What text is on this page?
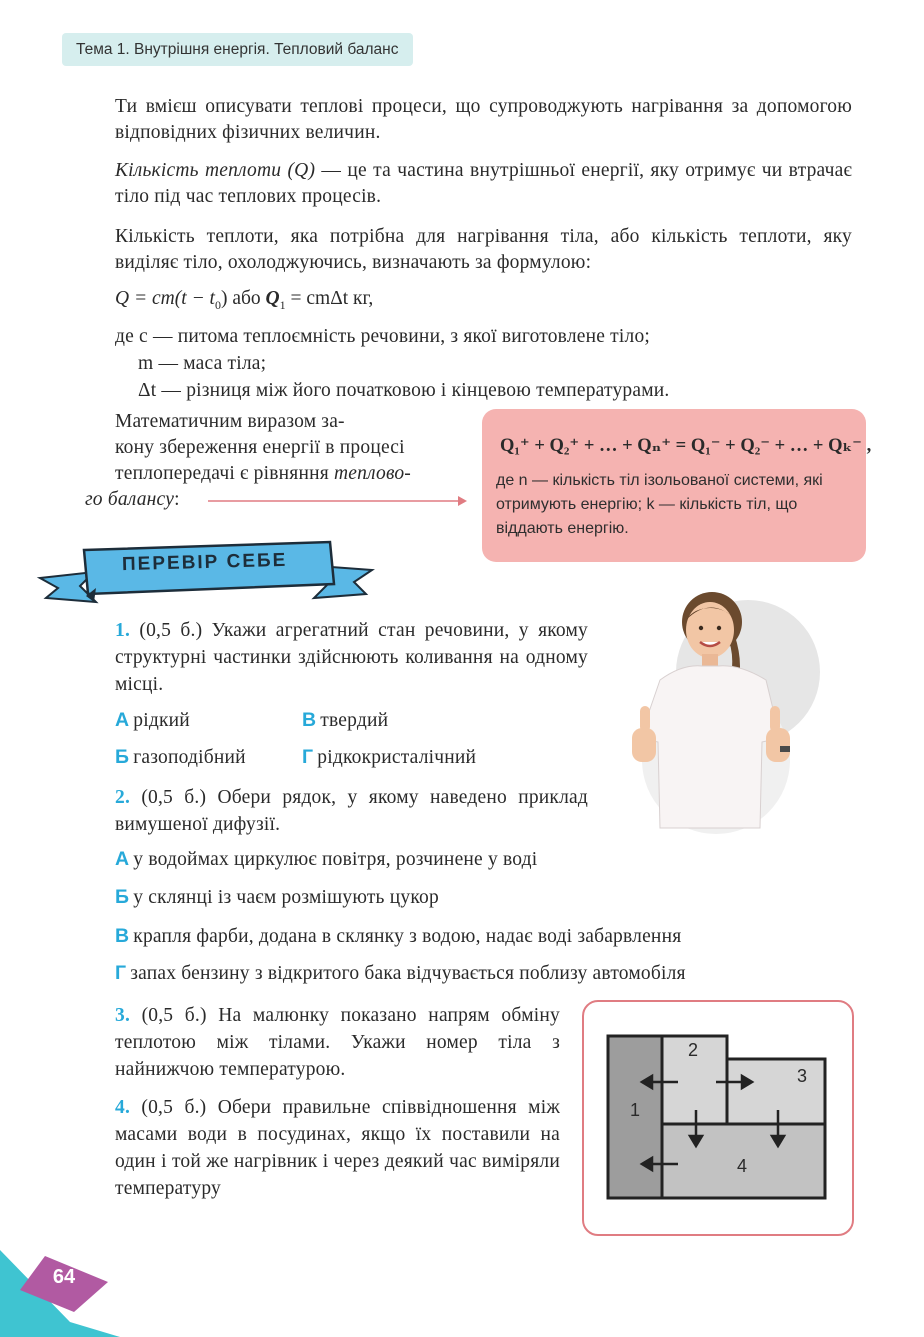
Тема 1. Внутрішня енергія. Тепловий баланс
Ти вмієш описувати теплові процеси, що супроводжують нагрівання за допомогою відповідних фізичних величин.
Кількість теплоти (Q) — це та частина внутрішньої енергії, яку отримує чи втрачає тіло під час теплових процесів.
Кількість теплоти, яка потрібна для нагрівання тіла, або кількість теплоти, яку виділяє тіло, охолоджуючись, визначають за формулою:
$Q = cm(t - t_0)$ або $Q_1 = cm\Delta t$ кг,
де c — питома теплоємність речовини, з якої виготовлене тіло;
m — маса тіла;
Δt — різниця між його початковою і кінцевою температурами.
Математичним виразом за-
кону збереження енергії в процесі
теплопередачі є рівняння теплово-
го балансу:
Q₁⁺ + Q₂⁺ + … + Qₙ⁺ = Q₁⁻ + Q₂⁻ + … + Qₖ⁻ ,
де n — кількість тіл ізольованої системи, які отримують енергію; k — кількість тіл, що віддають енергію.
ПЕРЕВІР СЕБЕ
1. (0,5 б.) Укажи агрегатний стан речовини, у якому структурні частинки здійснюють коливання на одному місці.
А рідкий	В твердий
Б газоподібний	Г рідкокристалічний
2. (0,5 б.) Обери рядок, у якому наведено приклад вимушеної дифузії.
А у водоймах циркулює повітря, розчинене у воді
Б у склянці із чаєм розмішують цукор
В крапля фарби, додана в склянку з водою, надає воді забарвлення
Г запах бензину з відкритого бака відчувається поблизу автомобіля
3. (0,5 б.) На малюнку показано напрям обміну теплотою між тілами. Укажи номер тіла з найнижчою температурою.
4. (0,5 б.) Обери правильне співвідношення між масами води в посудинах, якщо їх поставили на один і той же нагрівник і через деякий час виміряли температуру
1
2
3
4
64
